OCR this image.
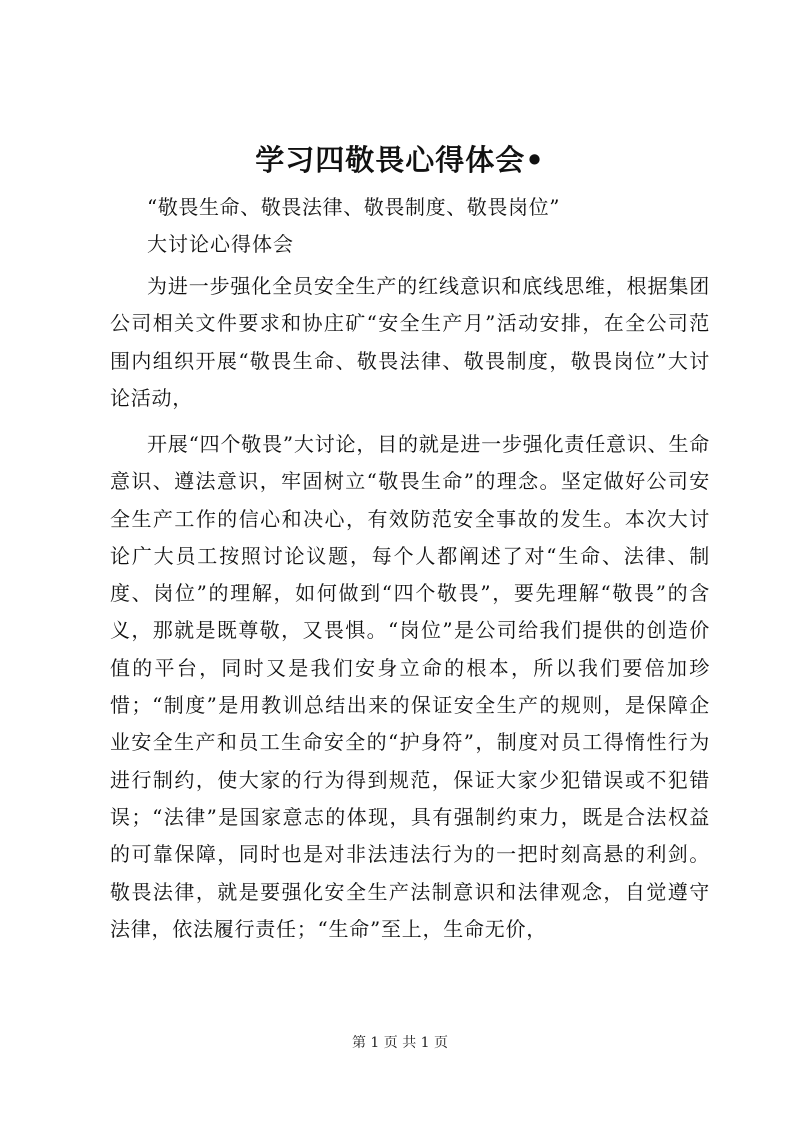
学习四敬畏心得体会•
“敬畏生命、敬畏法律、敬畏制度、敬畏岗位”
大讨论心得体会

为进一步强化全员安全生产的红线意识和底线思维，根据集团公司相关文件要求和协庄矿“安全生产月”活动安排，在全公司范围内组织开展“敬畏生命、敬畏法律、敬畏制度，敬畏岗位”大讨论活动，

开展“四个敬畏”大讨论，目的就是进一步强化责任意识、生命意识、遵法意识，牢固树立“敬畏生命”的理念。坚定做好公司安全生产工作的信心和决心，有效防范安全事故的发生。本次大讨论广大员工按照讨论议题，每个人都阐述了对“生命、法律、制度、岗位”的理解，如何做到“四个敬畏”，要先理解“敬畏”的含义，那就是既尊敬，又畏惧。“岗位”是公司给我们提供的创造价值的平台，同时又是我们安身立命的根本，所以我们要倍加珍惜；“制度”是用教训总结出来的保证安全生产的规则，是保障企业安全生产和员工生命安全的“护身符”，制度对员工得惰性行为进行制约，使大家的行为得到规范，保证大家少犯错误或不犯错误；“法律”是国家意志的体现，具有强制约束力，既是合法权益的可靠保障，同时也是对非法违法行为的一把时刻高悬的利剑。敬畏法律，就是要强化安全生产法制意识和法律观念，自觉遵守法律，依法履行责任；“生命”至上，生命无价，

第 1 页 共 1 页
